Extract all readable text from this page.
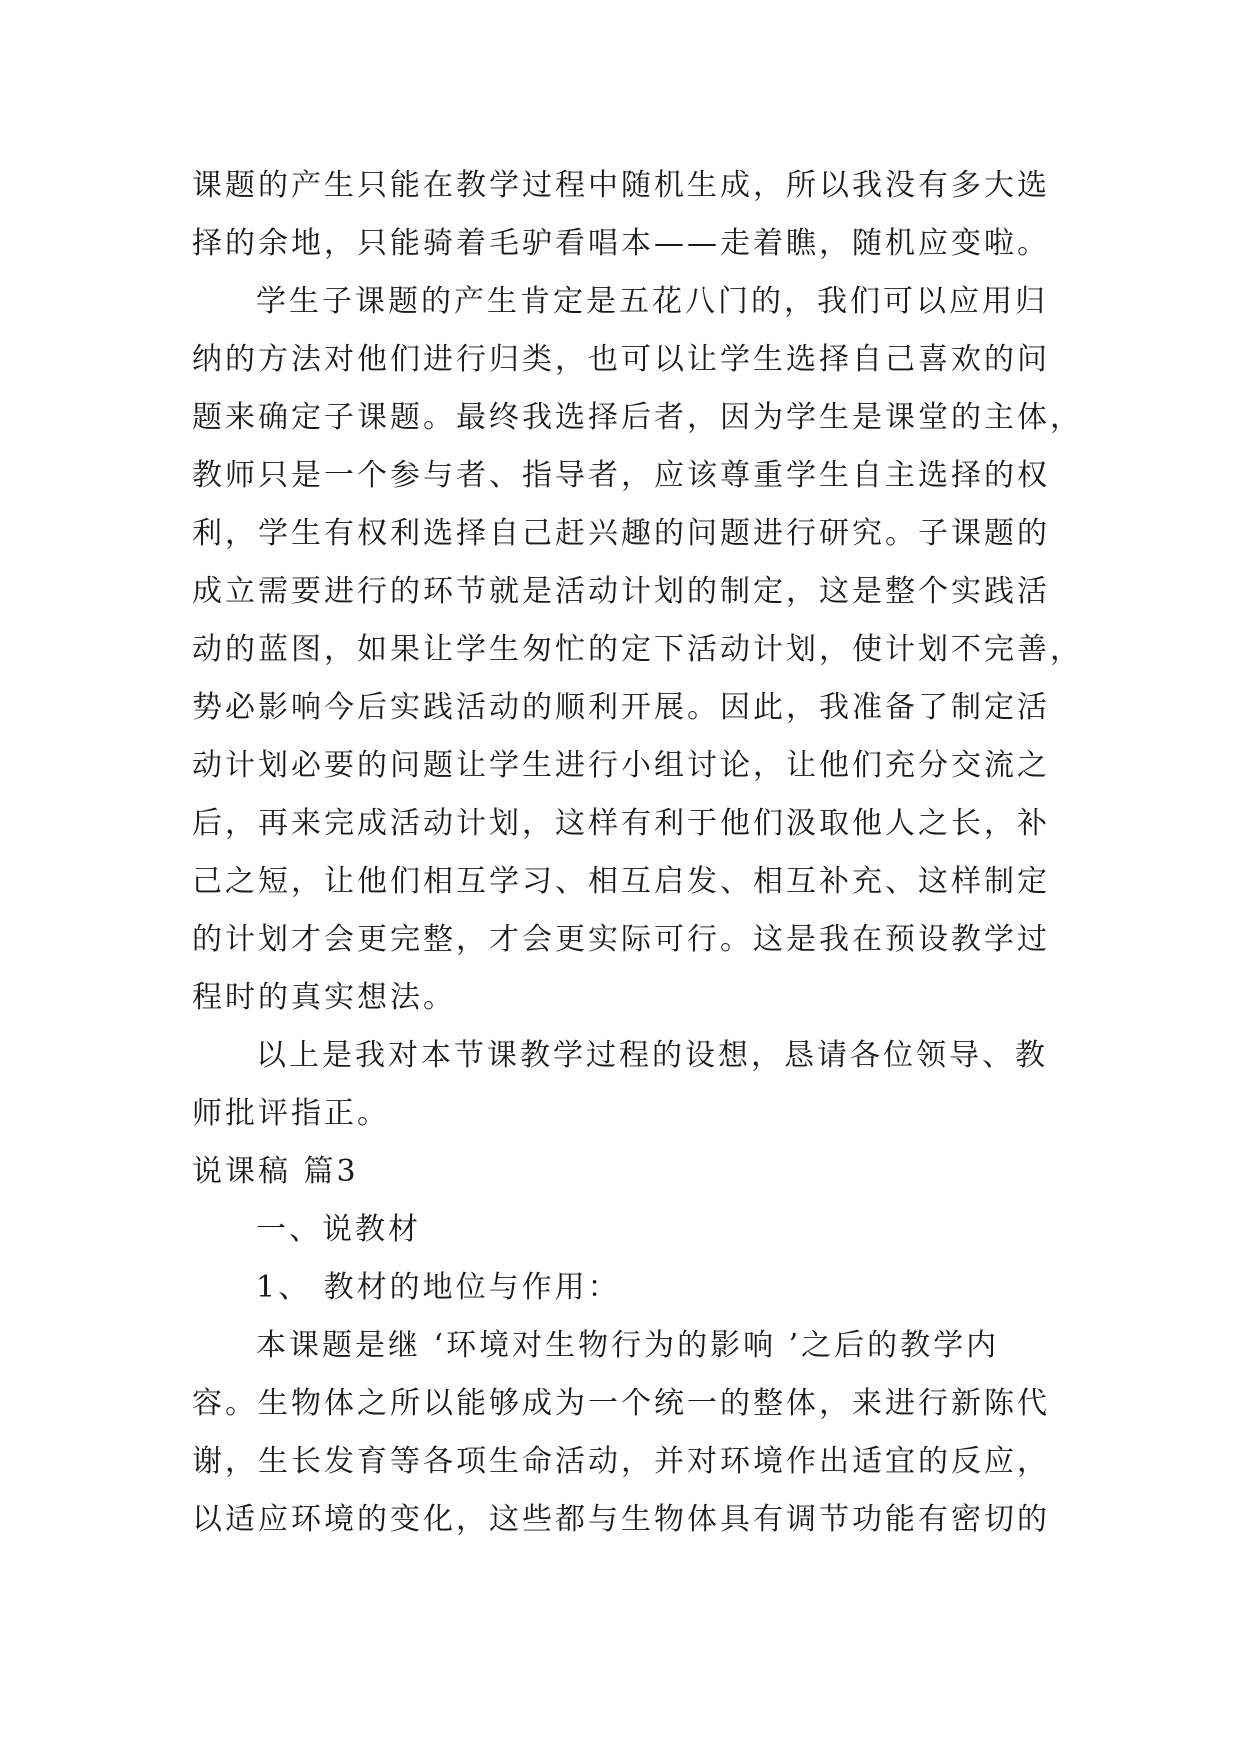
课题的产生只能在教学过程中随机生成，所以我没有多大选
择的余地，只能骑着毛驴看唱本——走着瞧，随机应变啦。
学生子课题的产生肯定是五花八门的，我们可以应用归
纳的方法对他们进行归类，也可以让学生选择自己喜欢的问
题来确定子课题。最终我选择后者，因为学生是课堂的主体，
教师只是一个参与者、指导者，应该尊重学生自主选择的权
利，学生有权利选择自己赶兴趣的问题进行研究。子课题的
成立需要进行的环节就是活动计划的制定，这是整个实践活
动的蓝图，如果让学生匆忙的定下活动计划，使计划不完善，
势必影响今后实践活动的顺利开展。因此，我准备了制定活
动计划必要的问题让学生进行小组讨论，让他们充分交流之
后，再来完成活动计划，这样有利于他们汲取他人之长，补
己之短，让他们相互学习、相互启发、相互补充、这样制定
的计划才会更完整，才会更实际可行。这是我在预设教学过
程时的真实想法。
以上是我对本节课教学过程的设想，恳请各位领导、教
师批评指正。
说课稿 篇3
一、说教材
1、 教材的地位与作用：
本课题是继 ‘环境对生物行为的影响 ’之后的教学内
容。生物体之所以能够成为一个统一的整体，来进行新陈代
谢，生长发育等各项生命活动，并对环境作出适宜的反应，
以适应环境的变化，这些都与生物体具有调节功能有密切的
